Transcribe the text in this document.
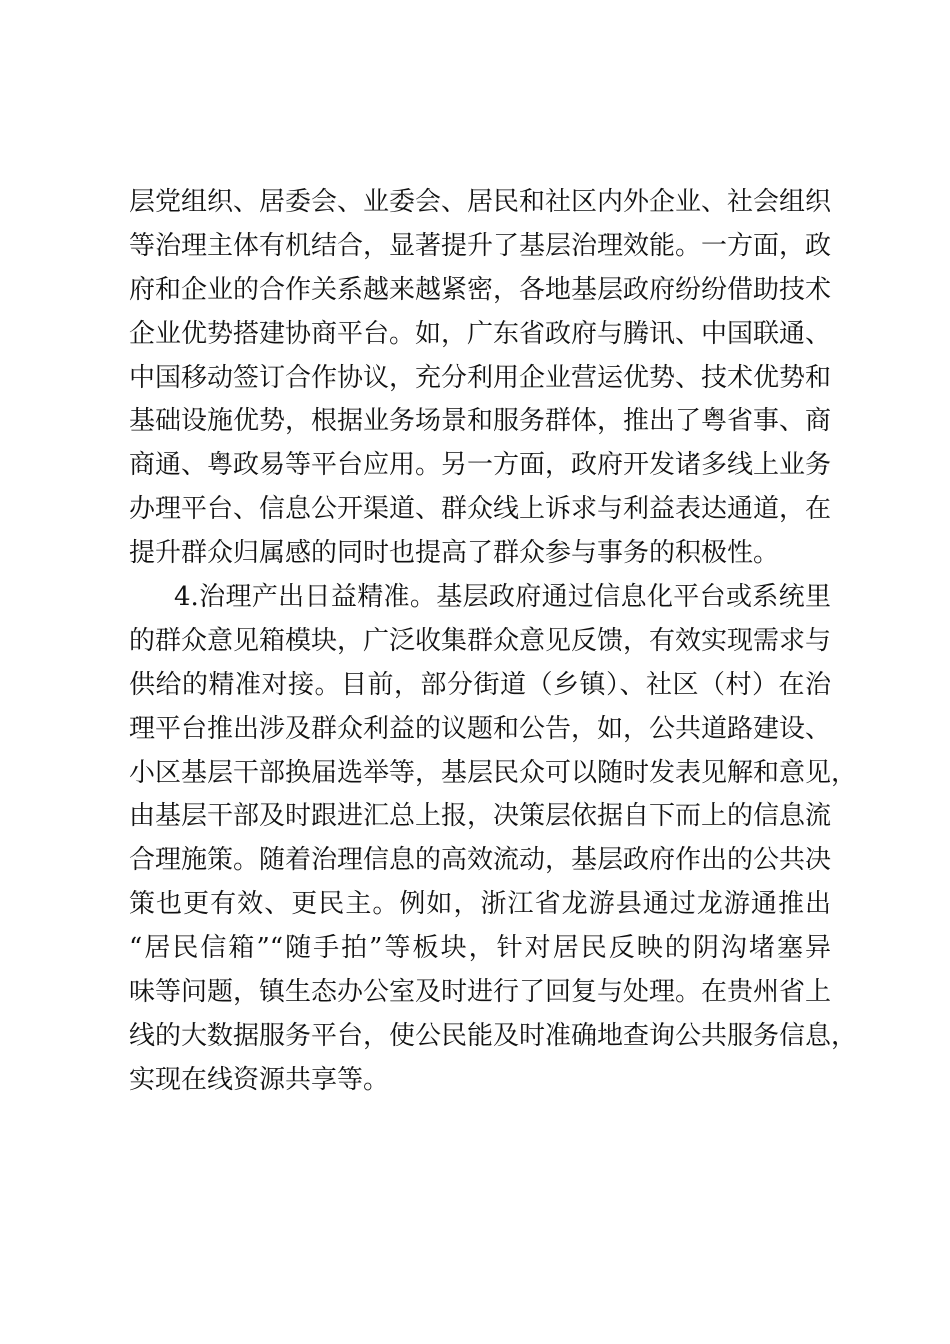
层党组织、居委会、业委会、居民和社区内外企业、社会组织
等治理主体有机结合，显著提升了基层治理效能。一方面，政
府和企业的合作关系越来越紧密，各地基层政府纷纷借助技术
企业优势搭建协商平台。如，广东省政府与腾讯、中国联通、
中国移动签订合作协议，充分利用企业营运优势、技术优势和
基础设施优势，根据业务场景和服务群体，推出了粤省事、商
商通、粤政易等平台应用。另一方面，政府开发诸多线上业务
办理平台、信息公开渠道、群众线上诉求与利益表达通道，在
提升群众归属感的同时也提高了群众参与事务的积极性。
4.治理产出日益精准。基层政府通过信息化平台或系统里
的群众意见箱模块，广泛收集群众意见反馈，有效实现需求与
供给的精准对接。目前，部分街道（乡镇）、社区（村）在治
理平台推出涉及群众利益的议题和公告，如，公共道路建设、
小区基层干部换届选举等，基层民众可以随时发表见解和意见，
由基层干部及时跟进汇总上报，决策层依据自下而上的信息流
合理施策。随着治理信息的高效流动，基层政府作出的公共决
策也更有效、更民主。例如，浙江省龙游县通过龙游通推出
“居民信箱”“随手拍”等板块，针对居民反映的阴沟堵塞异
味等问题，镇生态办公室及时进行了回复与处理。在贵州省上
线的大数据服务平台，使公民能及时准确地查询公共服务信息，
实现在线资源共享等。
